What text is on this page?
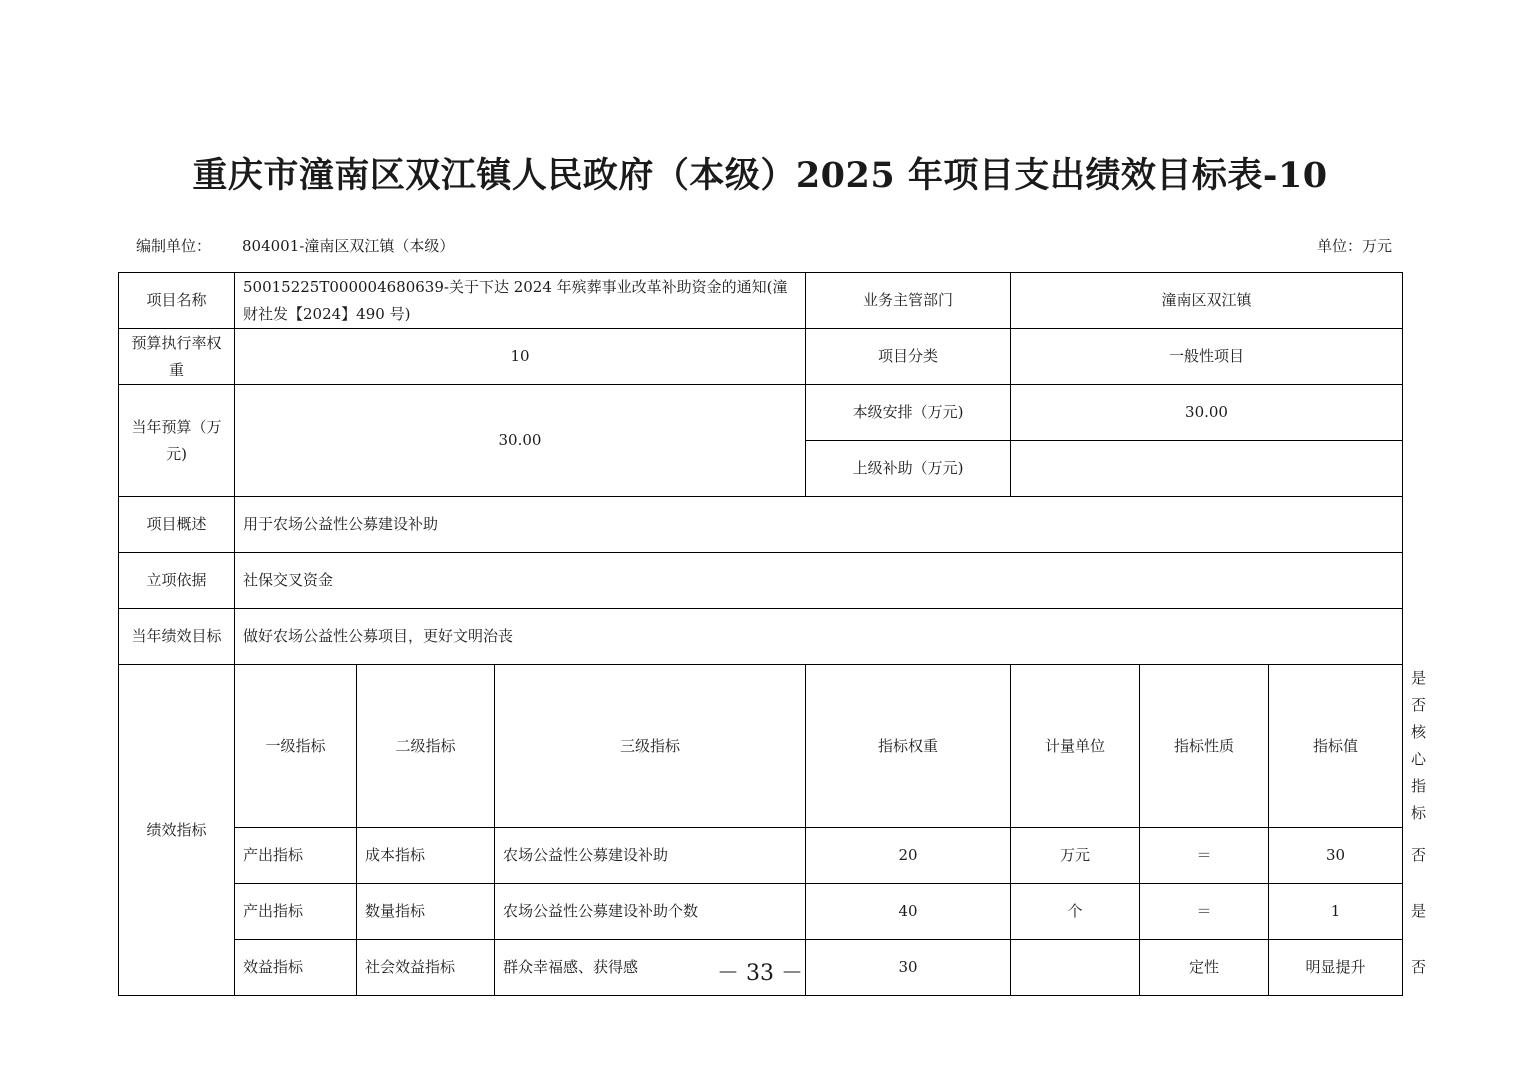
重庆市潼南区双江镇人民政府（本级）2025 年项目支出绩效目标表-10
编制单位： 804001-潼南区双江镇（本级）	单位：万元
项目名称	50015225T000004680639-关于下达 2024 年殡葬事业改革补助资金的通知(潼财社发【2024】490 号)			业务主管部门	潼南区双江镇			
预算执行率权重	10			项目分类	一般性项目			
当年预算（万元)	30.00			本级安排（万元)	30.00			
				上级补助（万元)				
项目概述	用于农场公益性公募建设补助							
立项依据	社保交叉资金							
当年绩效目标	做好农场公益性公募项目，更好文明治丧							
绩效指标	一级指标	二级指标	三级指标	指标权重	计量单位	指标性质	指标值	是否核心指标
	产出指标	成本指标	农场公益性公募建设补助	20	万元	＝	30	否
	产出指标	数量指标	农场公益性公募建设补助个数	40	个	＝	1	是
	效益指标	社会效益指标	群众幸福感、获得感	30		定性	明显提升	否
－ 33 －
